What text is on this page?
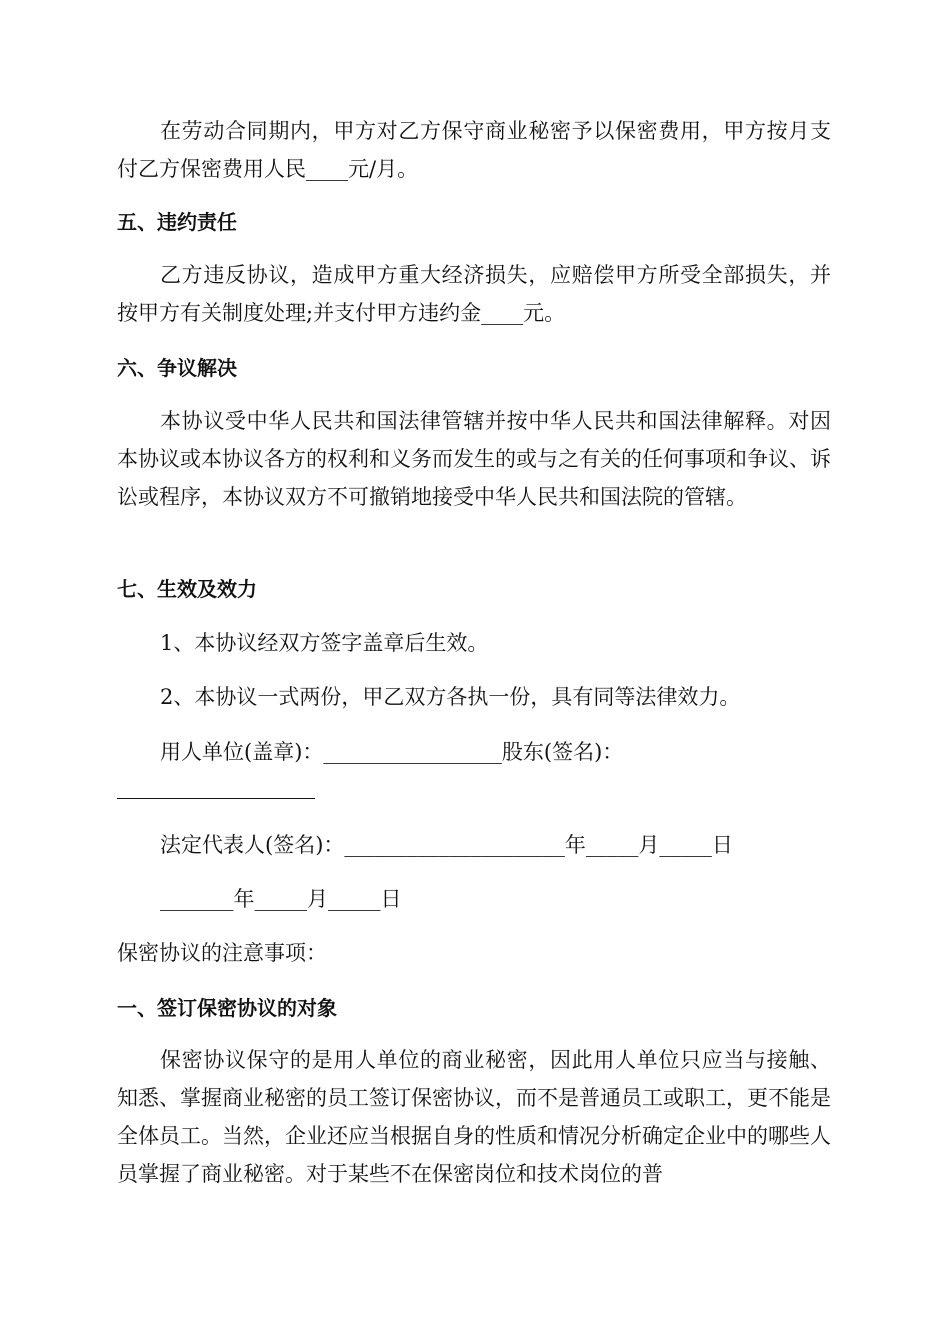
在劳动合同期内，甲方对乙方保守商业秘密予以保密费用，甲方按月支付乙方保密费用人民____元/月。

五、违约责任

乙方违反协议，造成甲方重大经济损失，应赔偿甲方所受全部损失，并按甲方有关制度处理;并支付甲方违约金____元。

六、争议解决

本协议受中华人民共和国法律管辖并按中华人民共和国法律解释。对因本协议或本协议各方的权利和义务而发生的或与之有关的任何事项和争议、诉讼或程序，本协议双方不可撤销地接受中华人民共和国法院的管辖。

七、生效及效力

1、本协议经双方签字盖章后生效。

2、本协议一式两份，甲乙双方各执一份，具有同等法律效力。

用人单位(盖章)：_________________股东(签名)：

法定代表人(签名)：_____________________年_____月_____日

_______年_____月_____日

保密协议的注意事项：

一、签订保密协议的对象

保密协议保守的是用人单位的商业秘密，因此用人单位只应当与接触、知悉、掌握商业秘密的员工签订保密协议，而不是普通员工或职工，更不能是全体员工。当然，企业还应当根据自身的性质和情况分析确定企业中的哪些人员掌握了商业秘密。对于某些不在保密岗位和技术岗位的普
